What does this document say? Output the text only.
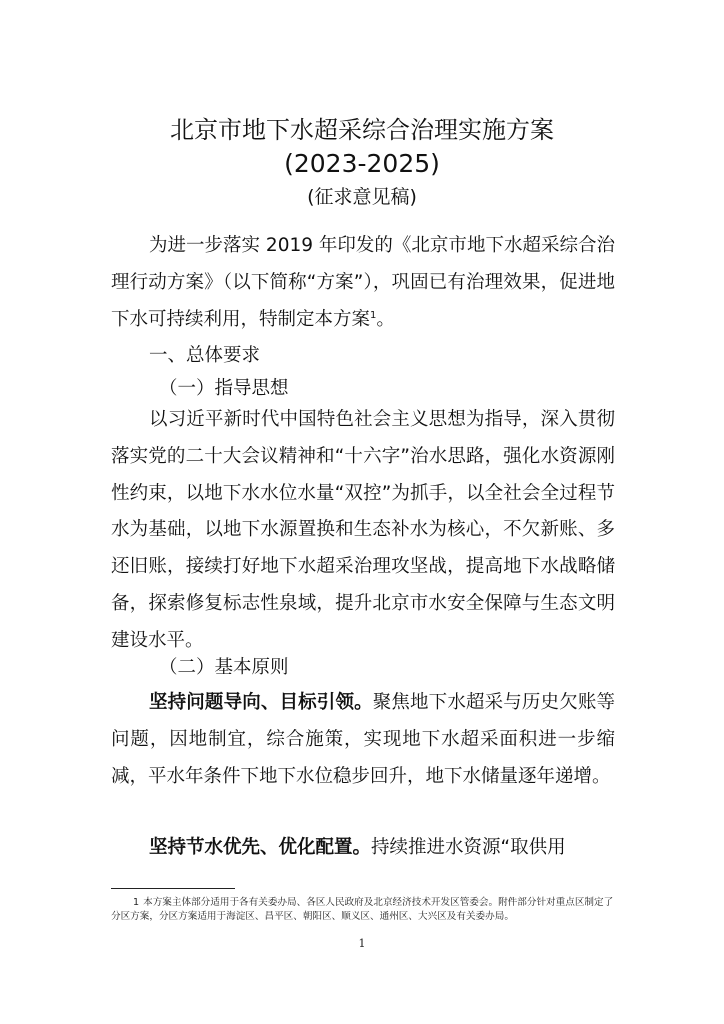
北京市地下水超采综合治理实施方案
(2023-2025)
(征求意见稿)

为进一步落实 2019 年印发的《北京市地下水超采综合治理行动方案》（以下简称“方案”），巩固已有治理效果，促进地下水可持续利用，特制定本方案$^1$。

一、总体要求

（一）指导思想

以习近平新时代中国特色社会主义思想为指导，深入贯彻落实党的二十大会议精神和“十六字”治水思路，强化水资源刚性约束，以地下水水位水量“双控”为抓手，以全社会全过程节水为基础，以地下水源置换和生态补水为核心，不欠新账、多还旧账，接续打好地下水超采治理攻坚战，提高地下水战略储备，探索修复标志性泉域，提升北京市水安全保障与生态文明建设水平。

（二）基本原则

坚持问题导向、目标引领。聚焦地下水超采与历史欠账等问题，因地制宜，综合施策，实现地下水超采面积进一步缩减，平水年条件下地下水位稳步回升，地下水储量逐年递增。

坚持节水优先、优化配置。持续推进水资源“取供用

1 本方案主体部分适用于各有关委办局、各区人民政府及北京经济技术开发区管委会。附件部分针对重点区制定了分区方案，分区方案适用于海淀区、昌平区、朝阳区、顺义区、通州区、大兴区及有关委办局。

1
